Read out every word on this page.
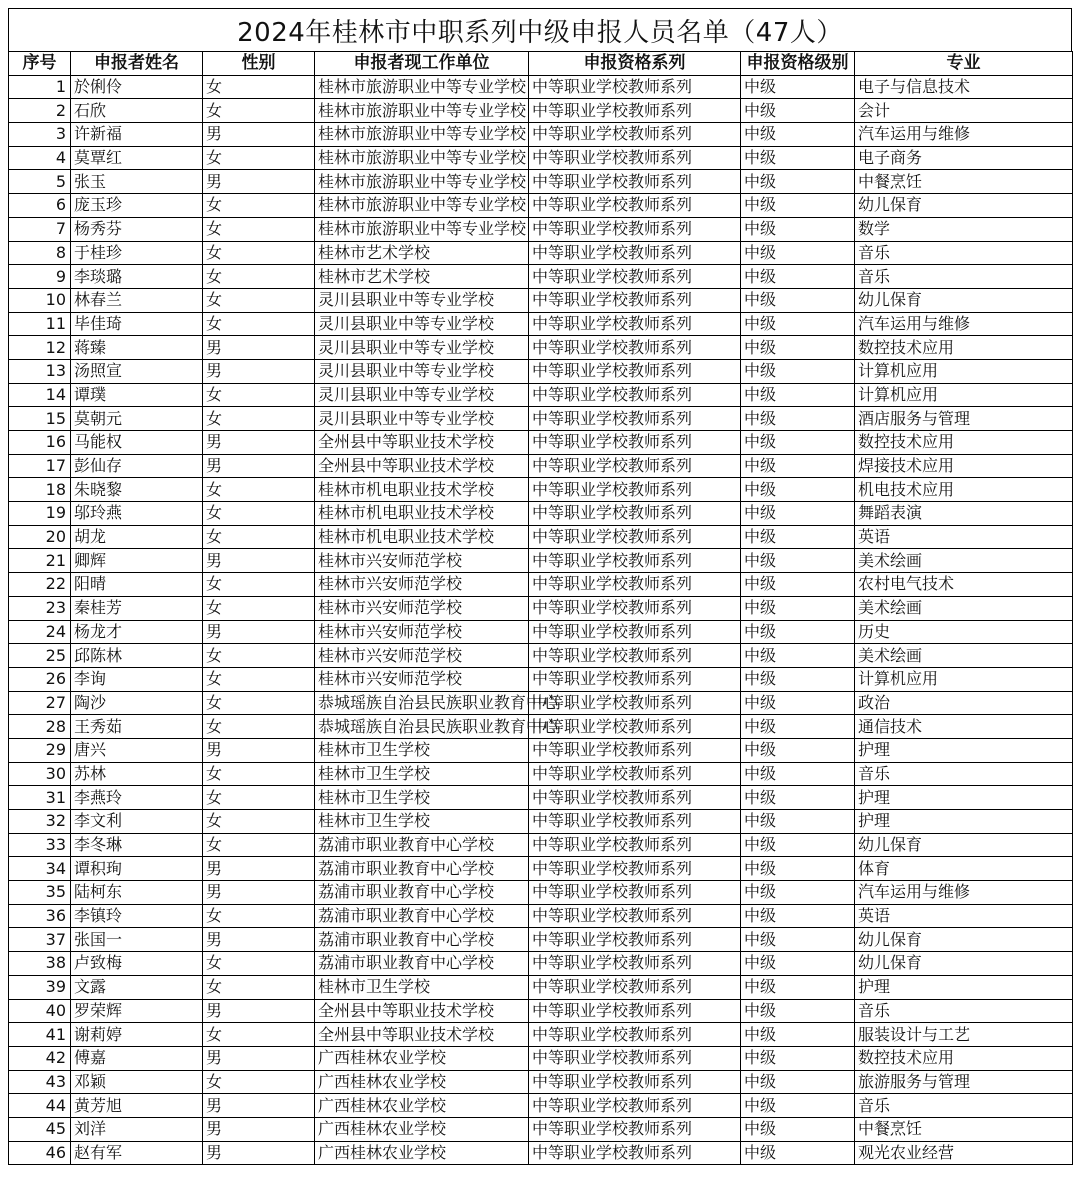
2024年桂林市中职系列中级申报人员名单（47人）
序号	申报者姓名	性别	申报者现工作单位	申报资格系列	申报资格级别	专业
1	於俐伶	女	桂林市旅游职业中等专业学校	中等职业学校教师系列	中级	电子与信息技术
2	石欣	女	桂林市旅游职业中等专业学校	中等职业学校教师系列	中级	会计
3	许新福	男	桂林市旅游职业中等专业学校	中等职业学校教师系列	中级	汽车运用与维修
4	莫覃红	女	桂林市旅游职业中等专业学校	中等职业学校教师系列	中级	电子商务
5	张玉	男	桂林市旅游职业中等专业学校	中等职业学校教师系列	中级	中餐烹饪
6	庞玉珍	女	桂林市旅游职业中等专业学校	中等职业学校教师系列	中级	幼儿保育
7	杨秀芬	女	桂林市旅游职业中等专业学校	中等职业学校教师系列	中级	数学
8	于桂珍	女	桂林市艺术学校	中等职业学校教师系列	中级	音乐
9	李琰璐	女	桂林市艺术学校	中等职业学校教师系列	中级	音乐
10	林春兰	女	灵川县职业中等专业学校	中等职业学校教师系列	中级	幼儿保育
11	毕佳琦	女	灵川县职业中等专业学校	中等职业学校教师系列	中级	汽车运用与维修
12	蒋臻	男	灵川县职业中等专业学校	中等职业学校教师系列	中级	数控技术应用
13	汤照宣	男	灵川县职业中等专业学校	中等职业学校教师系列	中级	计算机应用
14	谭璞	女	灵川县职业中等专业学校	中等职业学校教师系列	中级	计算机应用
15	莫朝元	女	灵川县职业中等专业学校	中等职业学校教师系列	中级	酒店服务与管理
16	马能权	男	全州县中等职业技术学校	中等职业学校教师系列	中级	数控技术应用
17	彭仙存	男	全州县中等职业技术学校	中等职业学校教师系列	中级	焊接技术应用
18	朱晓黎	女	桂林市机电职业技术学校	中等职业学校教师系列	中级	机电技术应用
19	邬玲燕	女	桂林市机电职业技术学校	中等职业学校教师系列	中级	舞蹈表演
20	胡龙	女	桂林市机电职业技术学校	中等职业学校教师系列	中级	英语
21	卿辉	男	桂林市兴安师范学校	中等职业学校教师系列	中级	美术绘画
22	阳晴	女	桂林市兴安师范学校	中等职业学校教师系列	中级	农村电气技术
23	秦桂芳	女	桂林市兴安师范学校	中等职业学校教师系列	中级	美术绘画
24	杨龙才	男	桂林市兴安师范学校	中等职业学校教师系列	中级	历史
25	邱陈林	女	桂林市兴安师范学校	中等职业学校教师系列	中级	美术绘画
26	李询	女	桂林市兴安师范学校	中等职业学校教师系列	中级	计算机应用
27	陶沙	女	恭城瑶族自治县民族职业教育中心	中等职业学校教师系列	中级	政治
28	王秀茹	女	恭城瑶族自治县民族职业教育中心	中等职业学校教师系列	中级	通信技术
29	唐兴	男	桂林市卫生学校	中等职业学校教师系列	中级	护理
30	苏林	女	桂林市卫生学校	中等职业学校教师系列	中级	音乐
31	李燕玲	女	桂林市卫生学校	中等职业学校教师系列	中级	护理
32	李文利	女	桂林市卫生学校	中等职业学校教师系列	中级	护理
33	李冬琳	女	荔浦市职业教育中心学校	中等职业学校教师系列	中级	幼儿保育
34	谭积珣	男	荔浦市职业教育中心学校	中等职业学校教师系列	中级	体育
35	陆柯东	男	荔浦市职业教育中心学校	中等职业学校教师系列	中级	汽车运用与维修
36	李镇玲	女	荔浦市职业教育中心学校	中等职业学校教师系列	中级	英语
37	张国一	男	荔浦市职业教育中心学校	中等职业学校教师系列	中级	幼儿保育
38	卢致梅	女	荔浦市职业教育中心学校	中等职业学校教师系列	中级	幼儿保育
39	文露	女	桂林市卫生学校	中等职业学校教师系列	中级	护理
40	罗荣辉	男	全州县中等职业技术学校	中等职业学校教师系列	中级	音乐
41	谢莉婷	女	全州县中等职业技术学校	中等职业学校教师系列	中级	服装设计与工艺
42	傅嘉	男	广西桂林农业学校	中等职业学校教师系列	中级	数控技术应用
43	邓颖	女	广西桂林农业学校	中等职业学校教师系列	中级	旅游服务与管理
44	黄芳旭	男	广西桂林农业学校	中等职业学校教师系列	中级	音乐
45	刘洋	男	广西桂林农业学校	中等职业学校教师系列	中级	中餐烹饪
46	赵有军	男	广西桂林农业学校	中等职业学校教师系列	中级	观光农业经营
